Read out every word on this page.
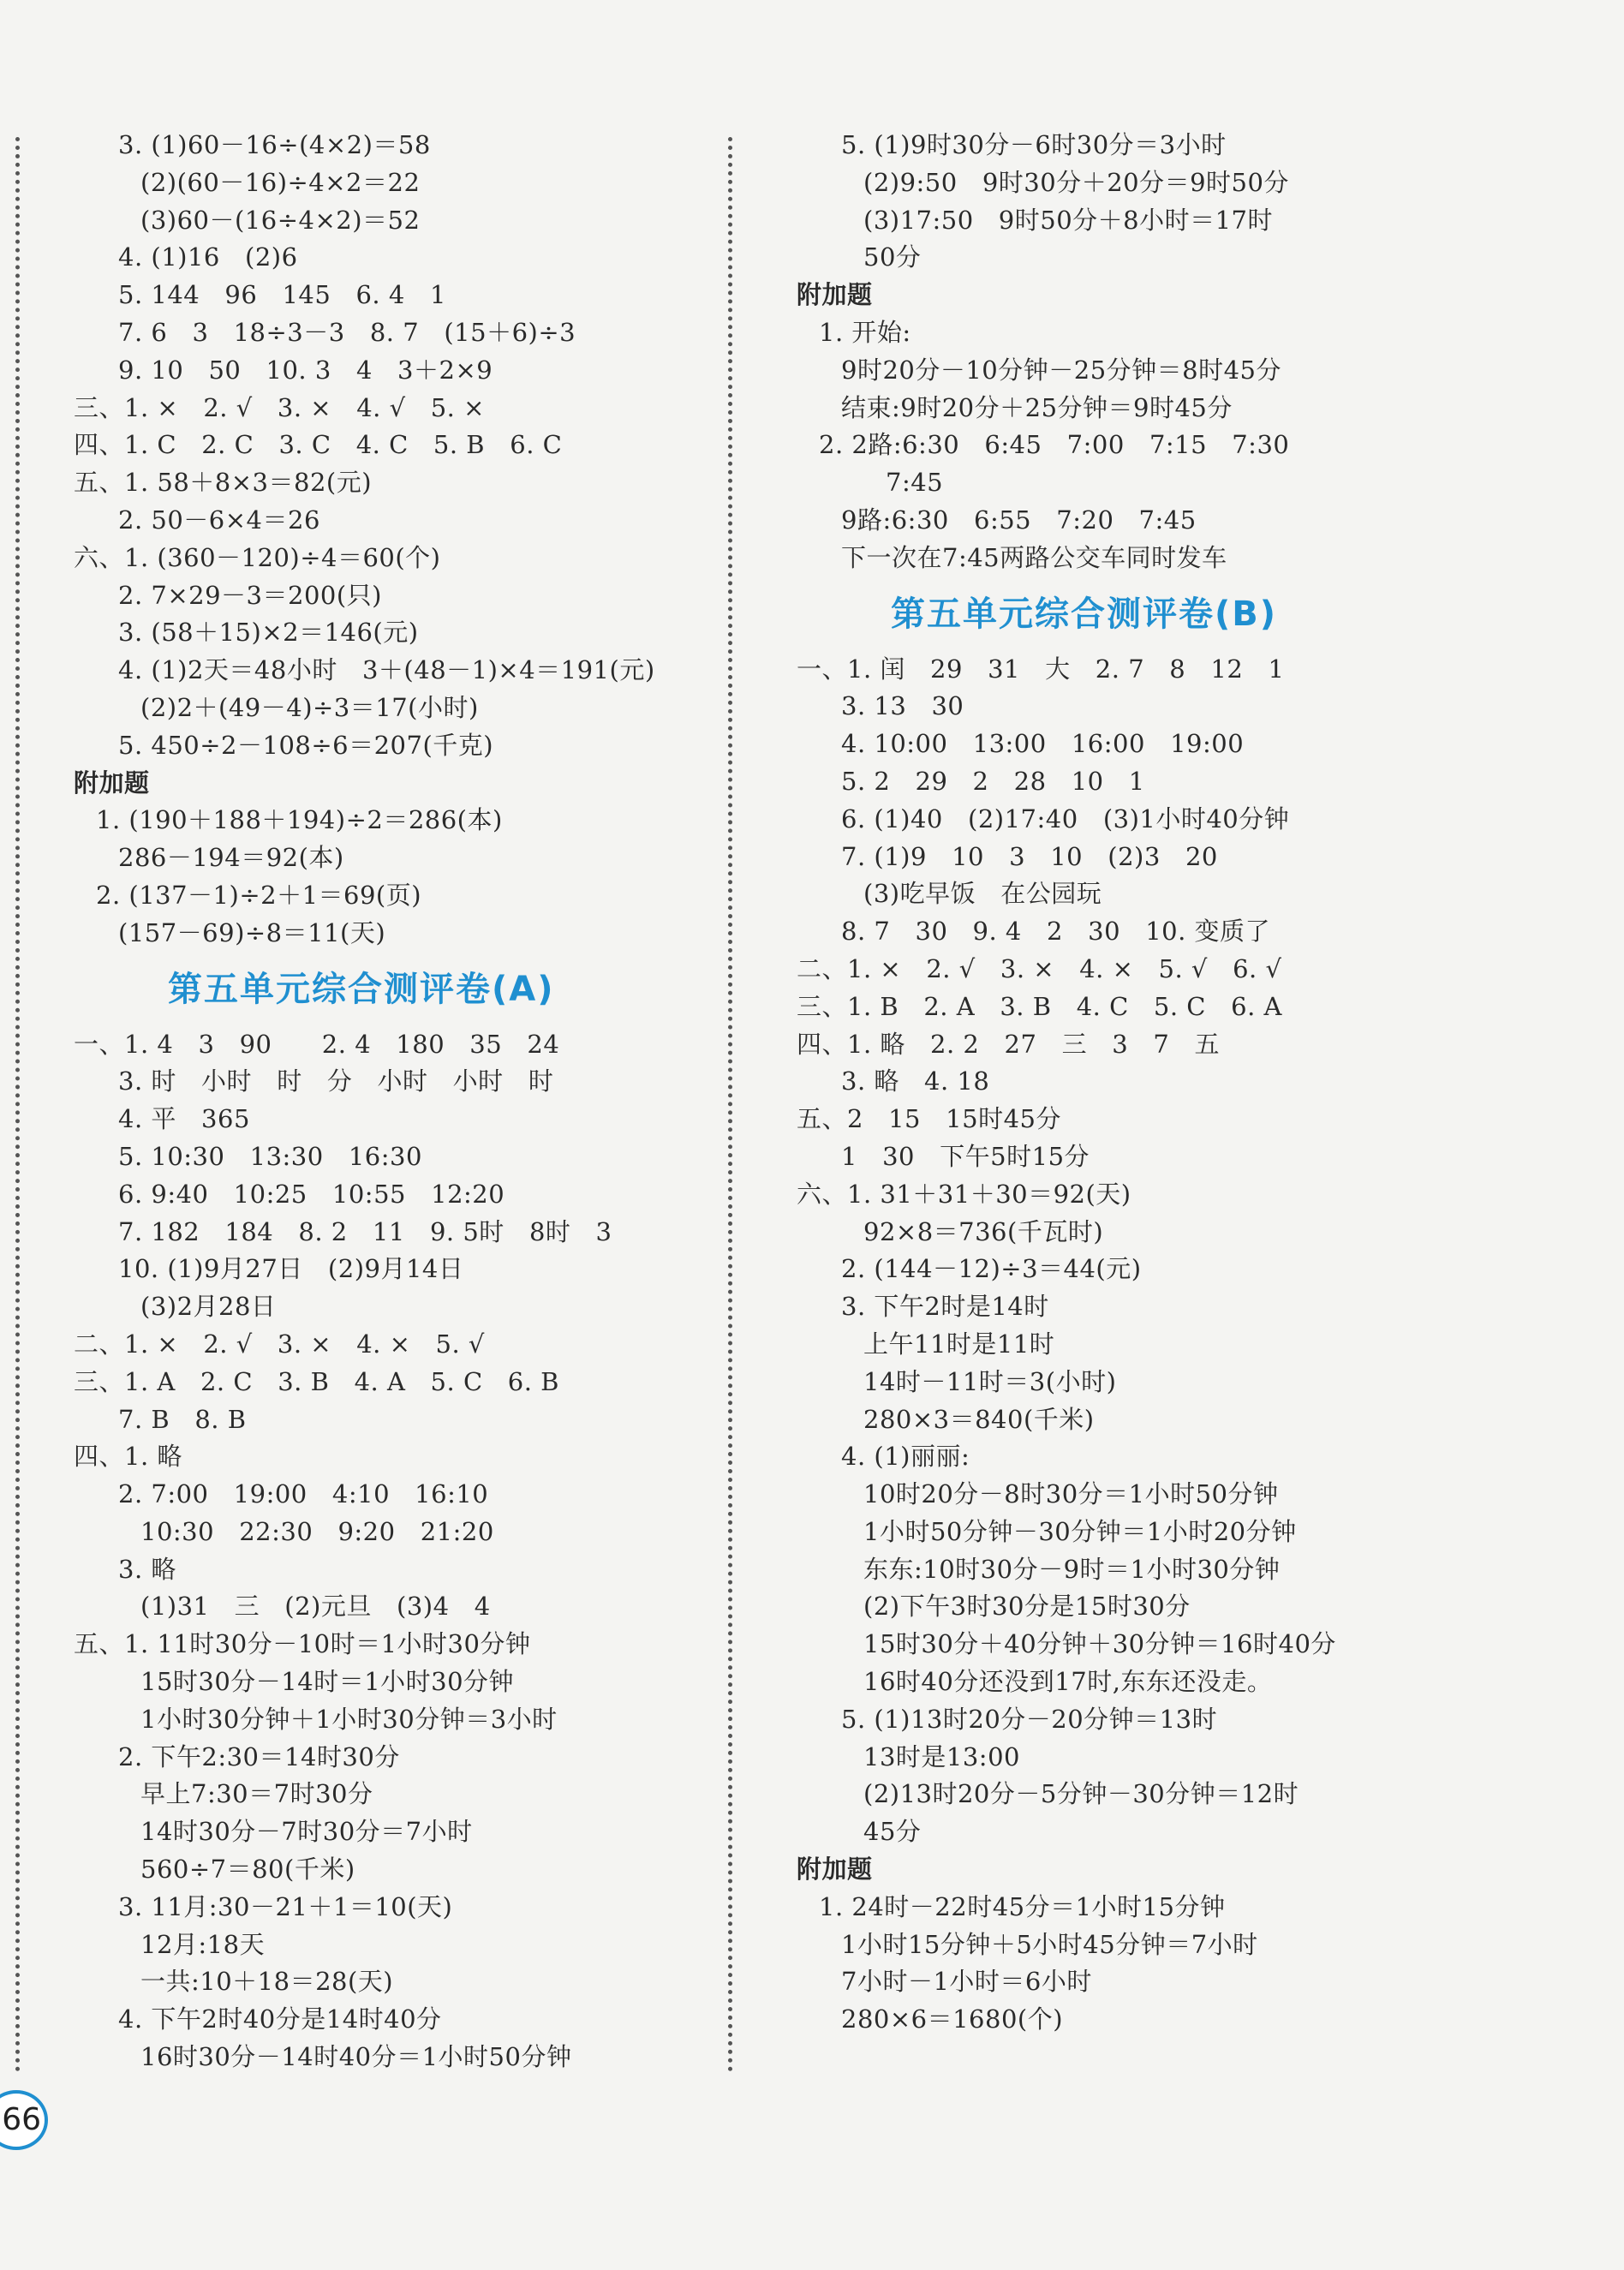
3. (1)60－16÷(4×2)＝58
(2)(60－16)÷4×2＝22
(3)60－(16÷4×2)＝52
4. (1)16   (2)6
5. 144   96   145   6. 4   1
7. 6   3   18÷3－3   8. 7   (15＋6)÷3
9. 10   50   10. 3   4   3＋2×9
三、1. ×   2. √   3. ×   4. √   5. ×
四、1. C   2. C   3. C   4. C   5. B   6. C
五、1. 58＋8×3＝82(元)
2. 50－6×4＝26
六、1. (360－120)÷4＝60(个)
2. 7×29－3＝200(只)
3. (58＋15)×2＝146(元)
4. (1)2天＝48小时   3＋(48－1)×4＝191(元)
(2)2＋(49－4)÷3＝17(小时)
5. 450÷2－108÷6＝207(千克)
附加题
1. (190＋188＋194)÷2＝286(本)
286－194＝92(本)
2. (137－1)÷2＋1＝69(页)
(157－69)÷8＝11(天)
第五单元综合测评卷(A)
一、1. 4   3   90      2. 4   180   35   24
3. 时   小时   时   分   小时   小时   时
4. 平   365
5. 10:30   13:30   16:30
6. 9:40   10:25   10:55   12:20
7. 182   184   8. 2   11   9. 5时   8时   3
10. (1)9月27日   (2)9月14日
(3)2月28日
二、1. ×   2. √   3. ×   4. ×   5. √
三、1. A   2. C   3. B   4. A   5. C   6. B
7. B   8. B
四、1. 略
2. 7:00   19:00   4:10   16:10
10:30   22:30   9:20   21:20
3. 略
(1)31   三   (2)元旦   (3)4   4
五、1. 11时30分－10时＝1小时30分钟
15时30分－14时＝1小时30分钟
1小时30分钟＋1小时30分钟＝3小时
2. 下午2:30＝14时30分
早上7:30＝7时30分
14时30分－7时30分＝7小时
560÷7＝80(千米)
3. 11月:30－21＋1＝10(天)
12月:18天
一共:10＋18＝28(天)
4. 下午2时40分是14时40分
16时30分－14时40分＝1小时50分钟
5. (1)9时30分－6时30分＝3小时
(2)9:50   9时30分＋20分＝9时50分
(3)17:50   9时50分＋8小时＝17时
50分
附加题
1. 开始:
9时20分－10分钟－25分钟＝8时45分
结束:9时20分＋25分钟＝9时45分
2. 2路:6:30   6:45   7:00   7:15   7:30
7:45
9路:6:30   6:55   7:20   7:45
下一次在7:45两路公交车同时发车
第五单元综合测评卷(B)
一、1. 闰   29   31   大   2. 7   8   12   1
3. 13   30
4. 10:00   13:00   16:00   19:00
5. 2   29   2   28   10   1
6. (1)40   (2)17:40   (3)1小时40分钟
7. (1)9   10   3   10   (2)3   20
(3)吃早饭   在公园玩
8. 7   30   9. 4   2   30   10. 变质了
二、1. ×   2. √   3. ×   4. ×   5. √   6. √
三、1. B   2. A   3. B   4. C   5. C   6. A
四、1. 略   2. 2   27   三   3   7   五
3. 略   4. 18
五、2   15   15时45分
1   30   下午5时15分
六、1. 31＋31＋30＝92(天)
92×8＝736(千瓦时)
2. (144－12)÷3＝44(元)
3. 下午2时是14时
上午11时是11时
14时－11时＝3(小时)
280×3＝840(千米)
4. (1)丽丽:
10时20分－8时30分＝1小时50分钟
1小时50分钟－30分钟＝1小时20分钟
东东:10时30分－9时＝1小时30分钟
(2)下午3时30分是15时30分
15时30分＋40分钟＋30分钟＝16时40分
16时40分还没到17时,东东还没走。
5. (1)13时20分－20分钟＝13时
13时是13:00
(2)13时20分－5分钟－30分钟＝12时
45分
附加题
1. 24时－22时45分＝1小时15分钟
1小时15分钟＋5小时45分钟＝7小时
7小时－1小时＝6小时
280×6＝1680(个)
66
